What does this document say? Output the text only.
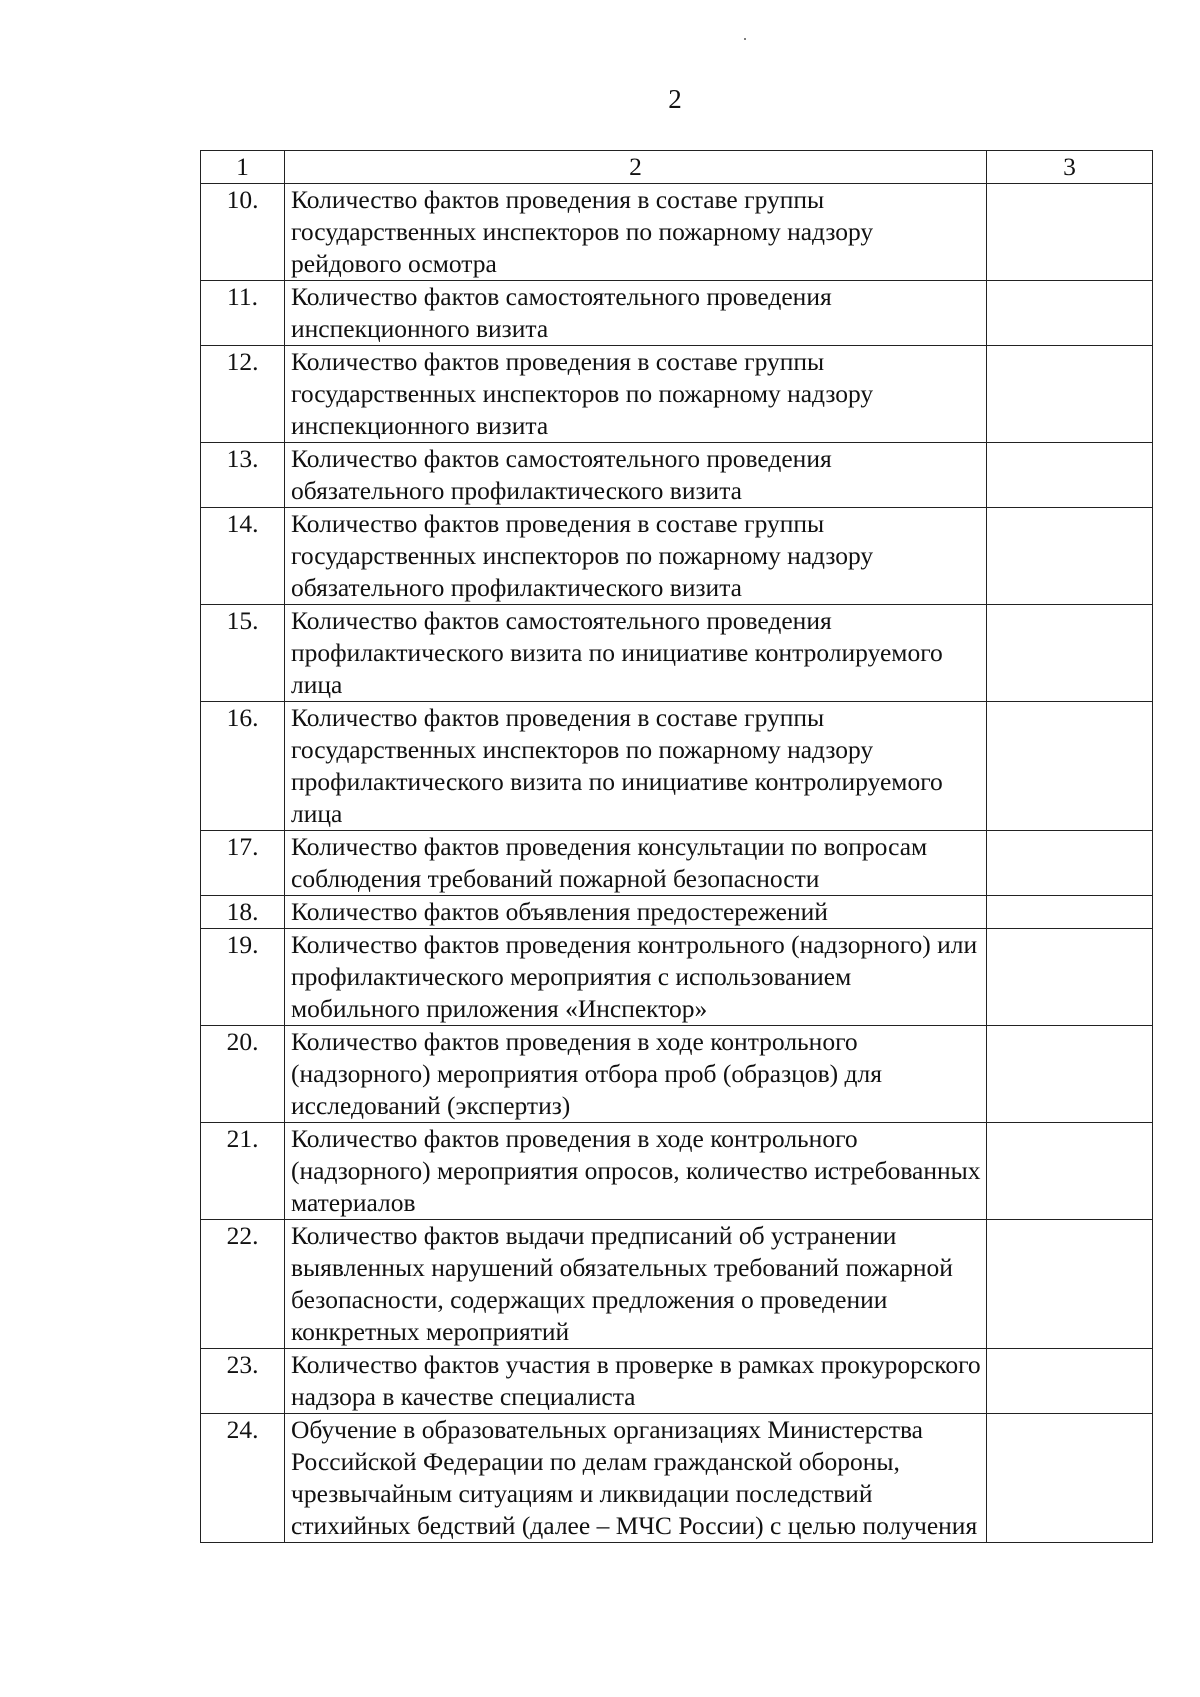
2
1	2	3
10.	Количество фактов проведения в составе группы государственных инспекторов по пожарному надзору рейдового осмотра	

11.	Количество фактов самостоятельного проведения инспекционного визита	

12.	Количество фактов проведения в составе группы государственных инспекторов по пожарному надзору инспекционного визита	

13.	Количество фактов самостоятельного проведения обязательного профилактического визита	

14.	Количество фактов проведения в составе группы государственных инспекторов по пожарному надзору обязательного профилактического визита	

15.	Количество фактов самостоятельного проведения профилактического визита по инициативе контролируемого лица	

16.	Количество фактов проведения в составе группы государственных инспекторов по пожарному надзору профилактического визита по инициативе контролируемого лица	

17.	Количество фактов проведения консультации по вопросам соблюдения требований пожарной безопасности	

18.	Количество фактов объявления предостережений	

19.	Количество фактов проведения контрольного (надзорного) или профилактического мероприятия с использованием мобильного приложения «Инспектор»	

20.	Количество фактов проведения в ходе контрольного (надзорного) мероприятия отбора проб (образцов) для исследований (экспертиз)	

21.	Количество фактов проведения в ходе контрольного (надзорного) мероприятия опросов, количество истребованных материалов	

22.	Количество фактов выдачи предписаний об устранении выявленных нарушений обязательных требований пожарной безопасности, содержащих предложения о проведении конкретных мероприятий	

23.	Количество фактов участия в проверке в рамках прокурорского надзора в качестве специалиста	

24.	Обучение в образовательных организациях Министерства Российской Федерации по делам гражданской обороны, чрезвычайным ситуациям и ликвидации последствий стихийных бедствий (далее – МЧС России) с целью получения	
